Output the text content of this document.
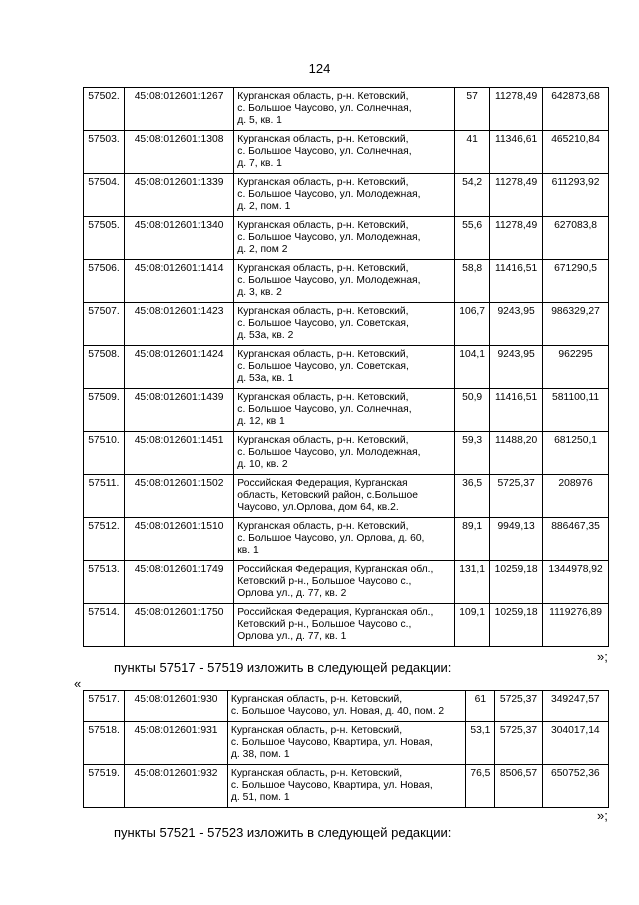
124
57502.	45:08:012601:1267	Курганская область, р-н. Кетовский,
с. Большое Чаусово, ул. Солнечная,
д. 5, кв. 1	57	11278,49	642873,68
57503.	45:08:012601:1308	Курганская область, р-н. Кетовский,
с. Большое Чаусово, ул. Солнечная,
д. 7, кв. 1	41	11346,61	465210,84
57504.	45:08:012601:1339	Курганская область, р-н. Кетовский,
с. Большое Чаусово, ул. Молодежная,
д. 2, пом. 1	54,2	11278,49	611293,92
57505.	45:08:012601:1340	Курганская область, р-н. Кетовский,
с. Большое Чаусово, ул. Молодежная,
д. 2, пом 2	55,6	11278,49	627083,8
57506.	45:08:012601:1414	Курганская область, р-н. Кетовский,
с. Большое Чаусово, ул. Молодежная,
д. 3, кв. 2	58,8	11416,51	671290,5
57507.	45:08:012601:1423	Курганская область, р-н. Кетовский,
с. Большое Чаусово, ул. Советская,
д. 53а, кв. 2	106,7	9243,95	986329,27
57508.	45:08:012601:1424	Курганская область, р-н. Кетовский,
с. Большое Чаусово, ул. Советская,
д. 53а, кв. 1	104,1	9243,95	962295
57509.	45:08:012601:1439	Курганская область, р-н. Кетовский,
с. Большое Чаусово, ул. Солнечная,
д. 12, кв 1	50,9	11416,51	581100,11
57510.	45:08:012601:1451	Курганская область, р-н. Кетовский,
с. Большое Чаусово, ул. Молодежная,
д. 10, кв. 2	59,3	11488,20	681250,1
57511.	45:08:012601:1502	Российская Федерация, Курганская
область, Кетовский район, с.Большое
Чаусово, ул.Орлова, дом 64, кв.2.	36,5	5725,37	208976
57512.	45:08:012601:1510	Курганская область, р-н. Кетовский,
с. Большое Чаусово, ул. Орлова, д. 60,
кв. 1	89,1	9949,13	886467,35
57513.	45:08:012601:1749	Российская Федерация, Курганская обл.,
Кетовский р-н., Большое Чаусово с.,
Орлова ул., д. 77, кв. 2	131,1	10259,18	1344978,92
57514.	45:08:012601:1750	Российская Федерация, Курганская обл.,
Кетовский р-н., Большое Чаусово с.,
Орлова ул., д. 77, кв. 1	109,1	10259,18	1119276,89
»;
пункты 57517 - 57519 изложить в следующей редакции:
«
57517.	45:08:012601:930	Курганская область, р-н. Кетовский,
с. Большое Чаусово, ул. Новая, д. 40, пом. 2	61	5725,37	349247,57
57518.	45:08:012601:931	Курганская область, р-н. Кетовский,
с. Большое Чаусово, Квартира, ул. Новая,
д. 38, пом. 1	53,1	5725,37	304017,14
57519.	45:08:012601:932	Курганская область, р-н. Кетовский,
с. Большое Чаусово, Квартира, ул. Новая,
д. 51, пом. 1	76,5	8506,57	650752,36
»;
пункты 57521 - 57523 изложить в следующей редакции:
